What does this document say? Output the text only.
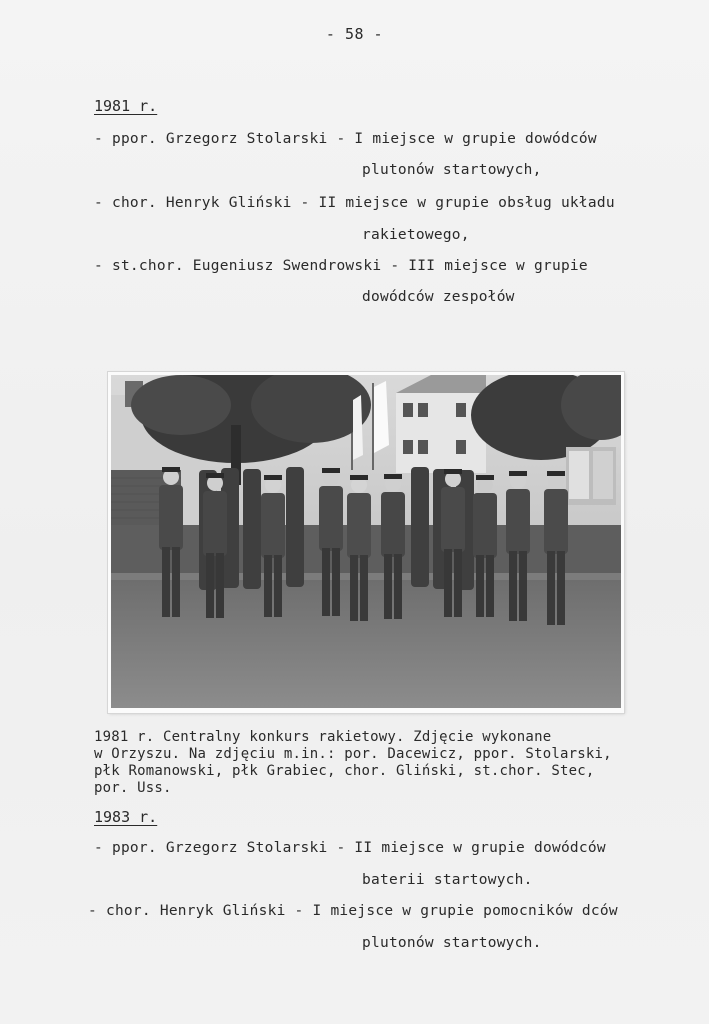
- 58 -
1981 r.
- ppor. Grzegorz Stolarski - I miejsce w grupie dowódców
plutonów startowych,
- chor. Henryk Gliński - II miejsce w grupie obsług układu
rakietowego,
- st.chor. Eugeniusz Swendrowski - III miejsce w grupie
dowódców zespołów
1981 r. Centralny konkurs rakietowy. Zdjęcie wykonane
w Orzyszu. Na zdjęciu m.in.: por. Dacewicz, ppor. Stolarski,
płk Romanowski, płk Grabiec, chor. Gliński, st.chor. Stec,
por. Uss.
1983 r.
- ppor. Grzegorz Stolarski - II miejsce w grupie dowódców
baterii startowych.
- chor. Henryk Gliński - I miejsce w grupie pomocników dców
plutonów startowych.
